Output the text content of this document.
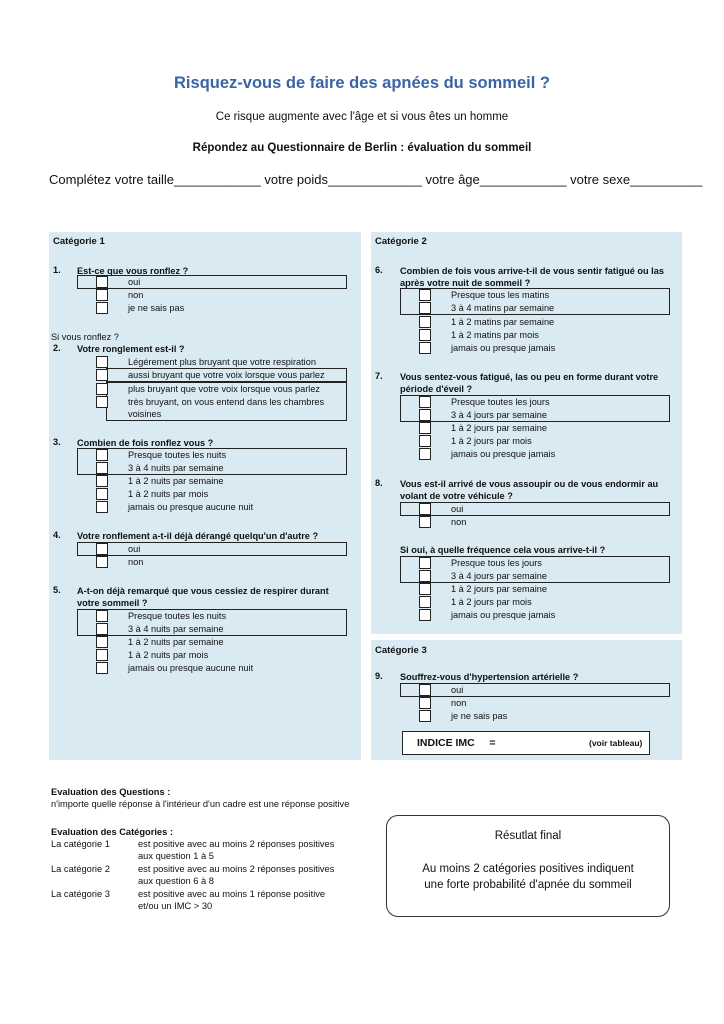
Risquez-vous de faire des apnées du sommeil ?
Ce risque augmente avec l'âge et si vous êtes un homme
Répondez au Questionnaire de Berlin : évaluation du sommeil
Complétez votre taille____________ votre poids_____________ votre âge____________ votre sexe__________
Catégorie 1
1. Est-ce que vous ronflez ?
oui
non
je ne sais pas
Si vous ronflez ?
2. Votre ronglement est-il ?
Légérement plus bruyant que votre respiration
aussi bruyant que votre voix lorsque vous parlez
plus bruyant que votre voix lorsque vous parlez
très bruyant, on vous entend dans les chambres
voisines
3. Combien de fois ronflez vous ?
Presque toutes les nuits
3 à 4 nuits par semaine
1 à 2 nuits par semaine
1 à 2 nuits par mois
jamais ou presque aucune nuit
4. Votre ronflement a-t-il déjà dérangé quelqu'un d'autre ?
oui
non
5. A-t-on déjà remarqué que vous cessiez de respirer durant
votre sommeil ?
Presque toutes les nuits
3 à 4 nuits par semaine
1 à 2 nuits par semaine
1 à 2 nuits par mois
jamais ou presque aucune nuit
Catégorie 2
6. Combien de fois vous arrive-t-il de vous sentir fatigué ou las
après votre nuit de sommeil ?
Presque tous les matins
3 à 4 matins par semaine
1 à 2 matins par semaine
1 à 2 matins par mois
jamais ou presque jamais
7. Vous sentez-vous fatigué, las ou peu en forme durant votre
période d'éveil ?
Presque toutes les jours
3 à 4 jours par semaine
1 à 2 jours par semaine
1 à 2 jours par mois
jamais ou presque jamais
8. Vous est-il arrivé de vous assoupir ou de vous endormir au
volant de votre véhicule ?
oui
non
Si oui, à quelle fréquence cela vous arrive-t-il ?
Presque tous les jours
3 à 4 jours par semaine
1 à 2 jours par semaine
1 à 2 jours par mois
jamais ou presque jamais
Catégorie 3
9. Souffrez-vous d'hypertension artérielle ?
oui
non
je ne sais pas
INDICE IMC     =	(voir tableau)
Evaluation des Questions :
n'importe quelle réponse à l'intérieur d'un cadre est une réponse positive
Evaluation des Catégories :
La catégorie 1	est positive avec au moins 2 réponses positives
aux question 1 à 5
La catégorie 2	est positive avec au moins 2 réponses positives
aux question 6 à 8
La catégorie 3	est positive avec au moins 1 réponse positive
et/ou un IMC > 30
Résutlat final
Au moins 2 catégories positives indiquent
une forte probabilité d'apnée du sommeil
